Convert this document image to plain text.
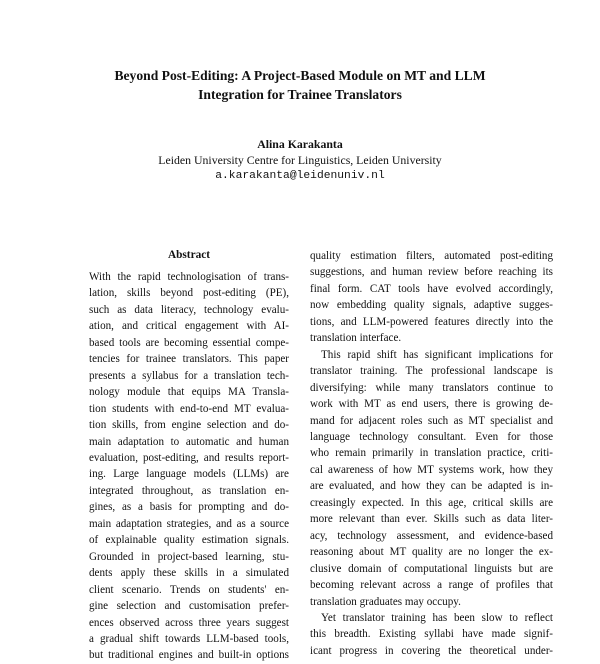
Beyond Post-Editing: A Project-Based Module on MT and LLM
Integration for Trainee Translators
Alina Karakanta
Leiden University Centre for Linguistics, Leiden University
a.karakanta@leidenuniv.nl
Abstract
With the rapid technologisation of trans-
lation, skills beyond post-editing (PE),
such as data literacy, technology evalu-
ation, and critical engagement with AI-
based tools are becoming essential compe-
tencies for trainee translators. This paper
presents a syllabus for a translation tech-
nology module that equips MA Transla-
tion students with end-to-end MT evalua-
tion skills, from engine selection and do-
main adaptation to automatic and human
evaluation, post-editing, and results report-
ing. Large language models (LLMs) are
integrated throughout, as translation en-
gines, as a basis for prompting and do-
main adaptation strategies, and as a source
of explainable quality estimation signals.
Grounded in project-based learning, stu-
dents apply these skills in a simulated
client scenario. Trends on students' en-
gine selection and customisation prefer-
ences observed across three years suggest
a gradual shift towards LLM-based tools,
but traditional engines and built-in options
quality estimation filters, automated post-editing
suggestions, and human review before reaching its
final form. CAT tools have evolved accordingly,
now embedding quality signals, adaptive sugges-
tions, and LLM-powered features directly into the
translation interface.
This rapid shift has significant implications for
translator training. The professional landscape is
diversifying: while many translators continue to
work with MT as end users, there is growing de-
mand for adjacent roles such as MT specialist and
language technology consultant. Even for those
who remain primarily in translation practice, criti-
cal awareness of how MT systems work, how they
are evaluated, and how they can be adapted is in-
creasingly expected. In this age, critical skills are
more relevant than ever. Skills such as data liter-
acy, technology assessment, and evidence-based
reasoning about MT quality are no longer the ex-
clusive domain of computational linguists but are
becoming relevant across a range of profiles that
translation graduates may occupy.
Yet translator training has been slow to reflect
this breadth. Existing syllabi have made signif-
icant progress in covering the theoretical under-
